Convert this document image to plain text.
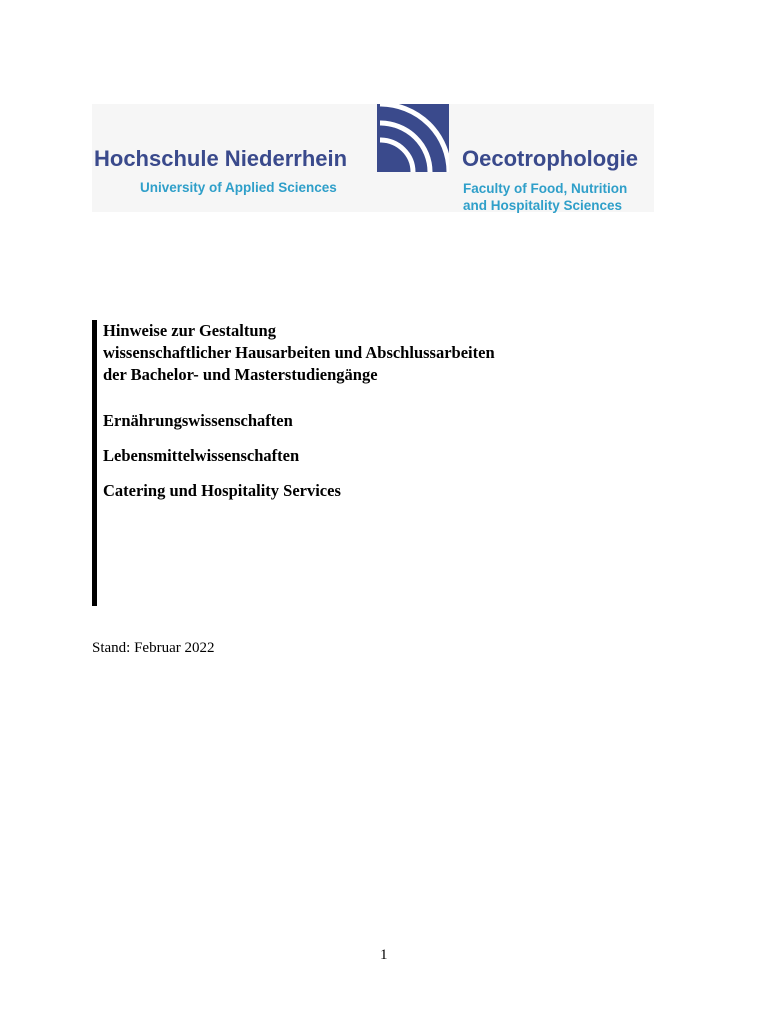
Hochschule Niederrhein
University of Applied Sciences
Oecotrophologie
Faculty of Food, Nutrition
and Hospitality Sciences
Hinweise zur Gestaltung
wissenschaftlicher Hausarbeiten und Abschlussarbeiten
der Bachelor- und Masterstudiengänge
Ernährungswissenschaften
Lebensmittelwissenschaften
Catering und Hospitality Services
Stand: Februar 2022
1
